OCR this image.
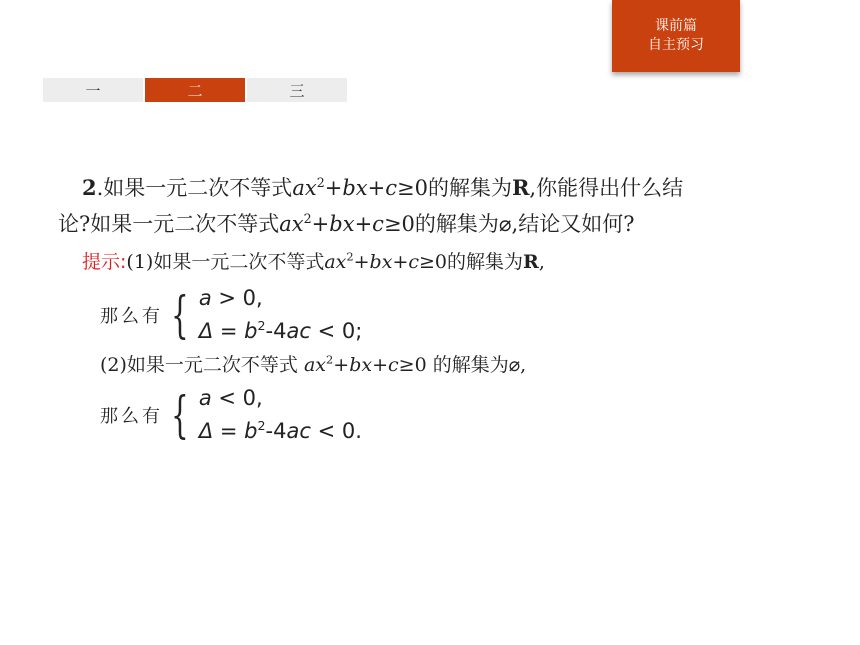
课前篇
自主预习
一	二	三
2.如果一元二次不等式$ax^2+bx+c\ge 0$的解集为R,你能得出什么结
论?如果一元二次不等式$ax^2+bx+c\ge 0$的解集为⌀,结论又如何?
提示:(1)如果一元二次不等式$ax^2+bx+c\ge 0$的解集为R,
那么有 { a > 0,
$\Delta = b^2-4ac < 0$;
(2)如果一元二次不等式 $ax^2+bx+c\ge 0$ 的解集为⌀,
那么有 { a < 0,
$\Delta = b^2-4ac < 0$.
